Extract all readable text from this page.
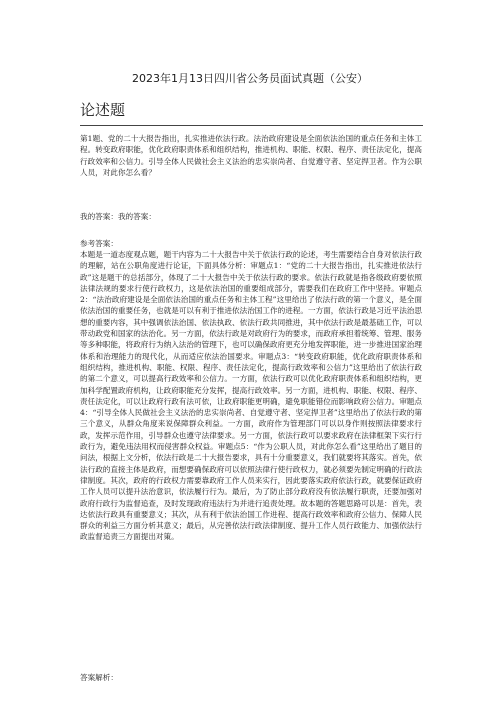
2023年1月13日四川省公务员面试真题（公安）
论述题
第1题、党的二十大报告指出，扎实推进依法行政。法治政府建设是全面依法治国的重点任务和主体工程。转变政府职能，优化政府职责体系和组织结构，推进机构、职能、权限、程序、责任法定化，提高行政效率和公信力。引导全体人民做社会主义法治的忠实崇尚者、自觉遵守者、坚定捍卫者。作为公职人员，对此你怎么看？
我的答案：我的答案：
参考答案：
本题是一道态度观点题，题干内容为二十大报告中关于依法行政的论述，考生需要结合自身对依法行政的理解，站在公职角度进行论证，下面具体分析：审题点1：“党的二十大报告指出，扎实推进依法行政”这是题干的总括部分，体现了二十大报告中关于依法行政的要求。依法行政就是指各级政府要依照法律法规的要求行使行政权力，这是依法治国的重要组成部分，需要我们在政府工作中坚持。审题点2：“法治政府建设是全面依法治国的重点任务和主体工程”这里给出了依法行政的第一个意义，是全面依法治国的重要任务，也就是可以有利于推进依法治国工作的进程。一方面，依法行政是习近平法治思想的重要内容，其中强调依法治国、依法执政、依法行政共同推进，其中依法行政是最基础工作，可以带动政党和国家的法治化。另一方面，依法行政是对政府行为的要求，而政府承担着统筹、管理、服务等多种职能，将政府行为纳入法治的管理下，也可以确保政府更充分地发挥职能，进一步推进国家治理体系和治理能力的现代化，从而适应依法治国要求。审题点3：“转变政府职能，优化政府职责体系和组织结构，推进机构、职能、权限、程序、责任法定化，提高行政效率和公信力”这里给出了依法行政的第二个意义，可以提高行政效率和公信力。一方面，依法行政可以优化政府职责体系和组织结构，更加科学配置政府机构，让政府职能充分发挥，提高行政效率。另一方面，进机构、职能、权限、程序、责任法定化，可以让政府行政有法可依，让政府职能更明确，避免职能错位而影响政府公信力。审题点4：“引导全体人民做社会主义法治的忠实崇尚者、自觉遵守者、坚定捍卫者”这里给出了依法行政的第三个意义，从群众角度来说保障群众利益。一方面，政府作为管理部门可以以身作则按照法律要求行政，发挥示范作用，引导群众也遵守法律要求。另一方面，依法行政可以要求政府在法律框架下实行行政行为，避免违法用权而侵害群众权益。审题点5：“作为公职人员，对此你怎么看”这里给出了题目的问法，根据上文分析，依法行政是二十大报告要求，具有十分重要意义，我们就要将其落实。首先，依法行政的直接主体是政府，而想要确保政府可以依照法律行使行政权力，就必须要先制定明确的行政法律制度。其次，政府的行政权力需要靠政府工作人员来实行，因此要落实政府依法行政，就要保证政府工作人员可以提升法治意识，依法履行行为。最后，为了防止部分政府没有依法履行职责，还要加强对政府行政行为监督追查，及时发现政府违法行为并进行追责处理。故本题的答题思路可以是：首先，表达依法行政具有重要意义；其次，从有利于依法治国工作进程、提高行政效率和政府公信力、保障人民群众的利益三方面分析其意义；最后，从完善依法行政法律制度、提升工作人员行政能力、加强依法行政监督追责三方面提出对策。
答案解析：
